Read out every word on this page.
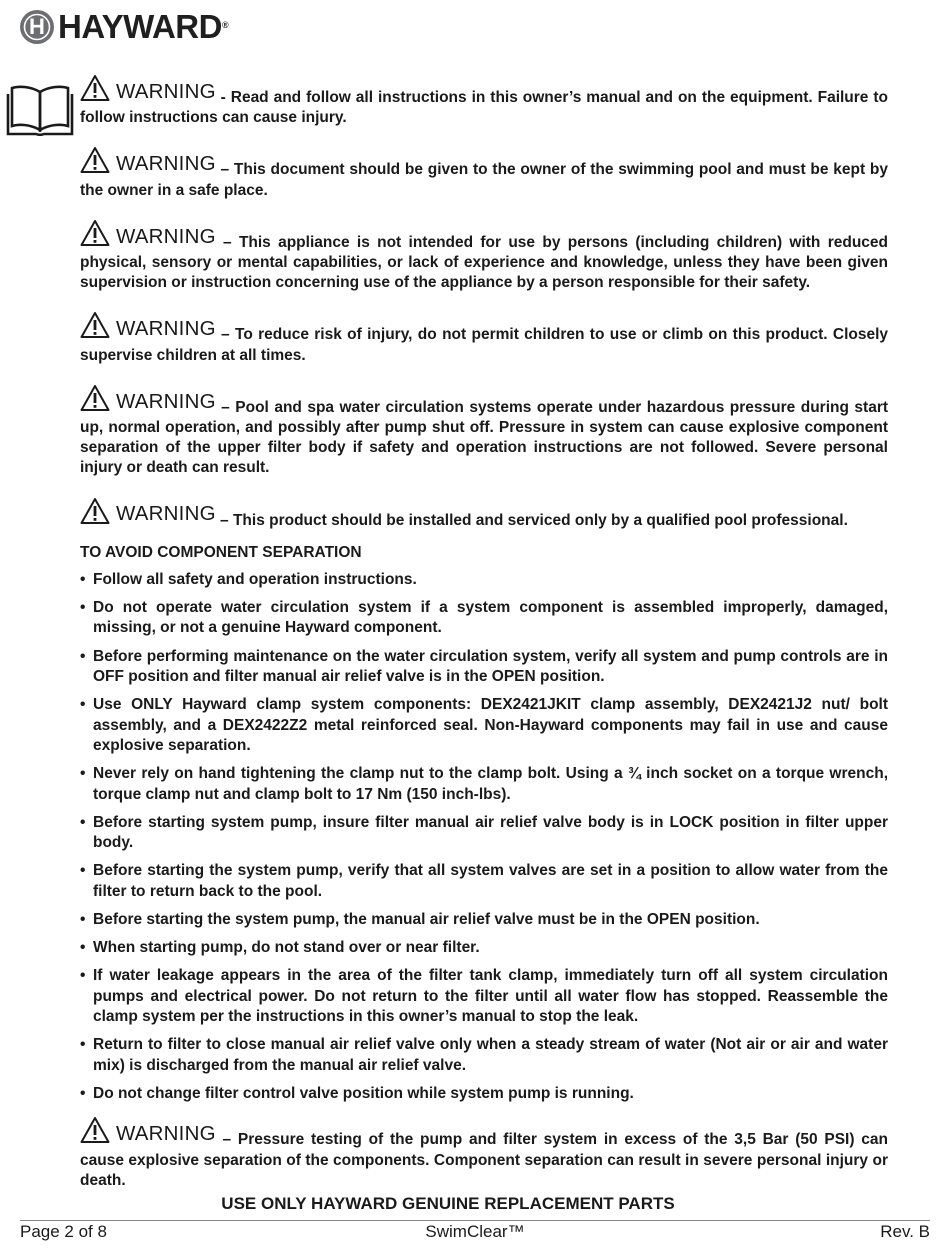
H HAYWARD®

WARNING - Read and follow all instructions in this owner’s manual and on the equipment. Failure to follow instructions can cause injury.

WARNING – This document should be given to the owner of the swimming pool and must be kept by the owner in a safe place.

WARNING – This appliance is not intended for use by persons (including children) with reduced physical, sensory or mental capabilities, or lack of experience and knowledge, unless they have been given supervision or instruction concerning use of the appliance by a person responsible for their safety.

WARNING – To reduce risk of injury, do not permit children to use or climb on this product. Closely supervise children at all times.

WARNING – Pool and spa water circulation systems operate under hazardous pressure during start up, normal operation, and possibly after pump shut off. Pressure in system can cause explosive component separation of the upper filter body if safety and operation instructions are not followed. Severe personal injury or death can result.

WARNING – This product should be installed and serviced only by a qualified pool professional.

TO AVOID COMPONENT SEPARATION
• Follow all safety and operation instructions.
• Do not operate water circulation system if a system component is assembled improperly, damaged, missing, or not a genuine Hayward component.
• Before performing maintenance on the water circulation system, verify all system and pump controls are in OFF position and filter manual air relief valve is in the OPEN position.
• Use ONLY Hayward clamp system components: DEX2421JKIT clamp assembly, DEX2421J2 nut/ bolt assembly, and a DEX2422Z2 metal reinforced seal. Non-Hayward components may fail in use and cause explosive separation.
• Never rely on hand tightening the clamp nut to the clamp bolt. Using a ¾ inch socket on a torque wrench, torque clamp nut and clamp bolt to 17 Nm (150 inch-lbs).
• Before starting system pump, insure filter manual air relief valve body is in LOCK position in filter upper body.
• Before starting the system pump, verify that all system valves are set in a position to allow water from the filter to return back to the pool.
• Before starting the system pump, the manual air relief valve must be in the OPEN position.
• When starting pump, do not stand over or near filter.
• If water leakage appears in the area of the filter tank clamp, immediately turn off all system circulation pumps and electrical power. Do not return to the filter until all water flow has stopped. Reassemble the clamp system per the instructions in this owner’s manual to stop the leak.
• Return to filter to close manual air relief valve only when a steady stream of water (Not air or air and water mix) is discharged from the manual air relief valve.
• Do not change filter control valve position while system pump is running.

WARNING – Pressure testing of the pump and filter system in excess of the 3,5 Bar (50 PSI) can cause explosive separation of the components. Component separation can result in severe personal injury or death.

USE ONLY HAYWARD GENUINE REPLACEMENT PARTS
Page 2 of 8	SwimClear™	Rev. B
